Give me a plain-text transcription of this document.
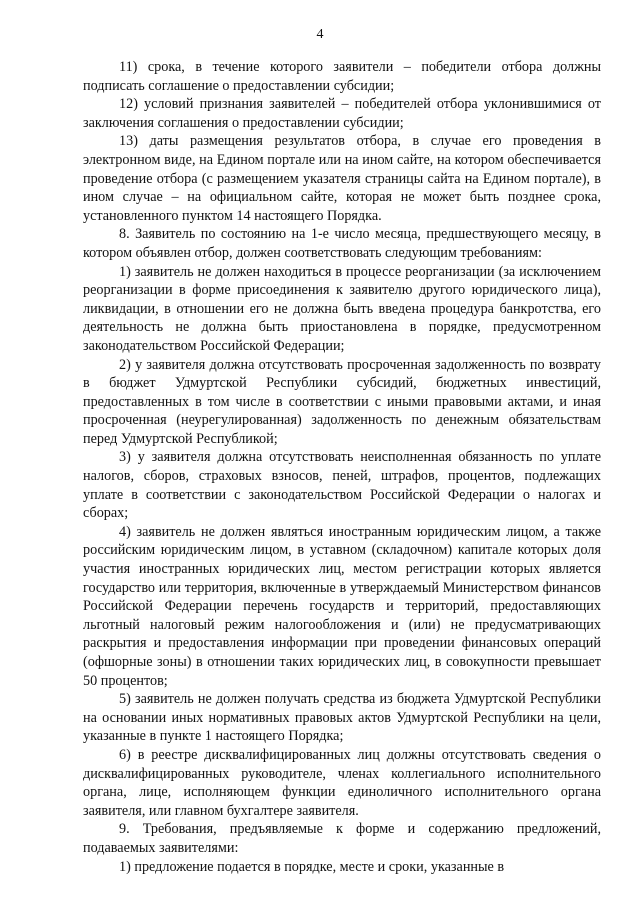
4

11) срока, в течение которого заявители – победители отбора должны подписать соглашение о предоставлении субсидии;

12) условий признания заявителей – победителей отбора уклонившимися от заключения соглашения о предоставлении субсидии;

13) даты размещения результатов отбора, в случае его проведения в электронном виде, на Едином портале или на ином сайте, на котором обеспечивается проведение отбора (с размещением указателя страницы сайта на Едином портале), в ином случае – на официальном сайте, которая не может быть позднее срока, установленного пунктом 14 настоящего Порядка.

8. Заявитель по состоянию на 1-е число месяца, предшествующего месяцу, в котором объявлен отбор, должен соответствовать следующим требованиям:

1) заявитель не должен находиться в процессе реорганизации (за исключением реорганизации в форме присоединения к заявителю другого юридического лица), ликвидации, в отношении его не должна быть введена процедура банкротства, его деятельность не должна быть приостановлена в порядке, предусмотренном законодательством Российской Федерации;

2) у заявителя должна отсутствовать просроченная задолженность по возврату в бюджет Удмуртской Республики субсидий, бюджетных инвестиций, предоставленных в том числе в соответствии с иными правовыми актами, и иная просроченная (неурегулированная) задолженность по денежным обязательствам перед Удмуртской Республикой;

3) у заявителя должна отсутствовать неисполненная обязанность по уплате налогов, сборов, страховых взносов, пеней, штрафов, процентов, подлежащих уплате в соответствии с законодательством Российской Федерации о налогах и сборах;

4) заявитель не должен являться иностранным юридическим лицом, а также российским юридическим лицом, в уставном (складочном) капитале которых доля участия иностранных юридических лиц, местом регистрации которых является государство или территория, включенные в утверждаемый Министерством финансов Российской Федерации перечень государств и территорий, предоставляющих льготный налоговый режим налогообложения и (или) не предусматривающих раскрытия и предоставления информации при проведении финансовых операций (офшорные зоны) в отношении таких юридических лиц, в совокупности превышает 50 процентов;

5) заявитель не должен получать средства из бюджета Удмуртской Республики на основании иных нормативных правовых актов Удмуртской Республики на цели, указанные в пункте 1 настоящего Порядка;

6) в реестре дисквалифицированных лиц должны отсутствовать сведения о дисквалифицированных руководителе, членах коллегиального исполнительного органа, лице, исполняющем функции единоличного исполнительного органа заявителя, или главном бухгалтере заявителя.

9. Требования, предъявляемые к форме и содержанию предложений, подаваемых заявителями:

1) предложение подается в порядке, месте и сроки, указанные в
